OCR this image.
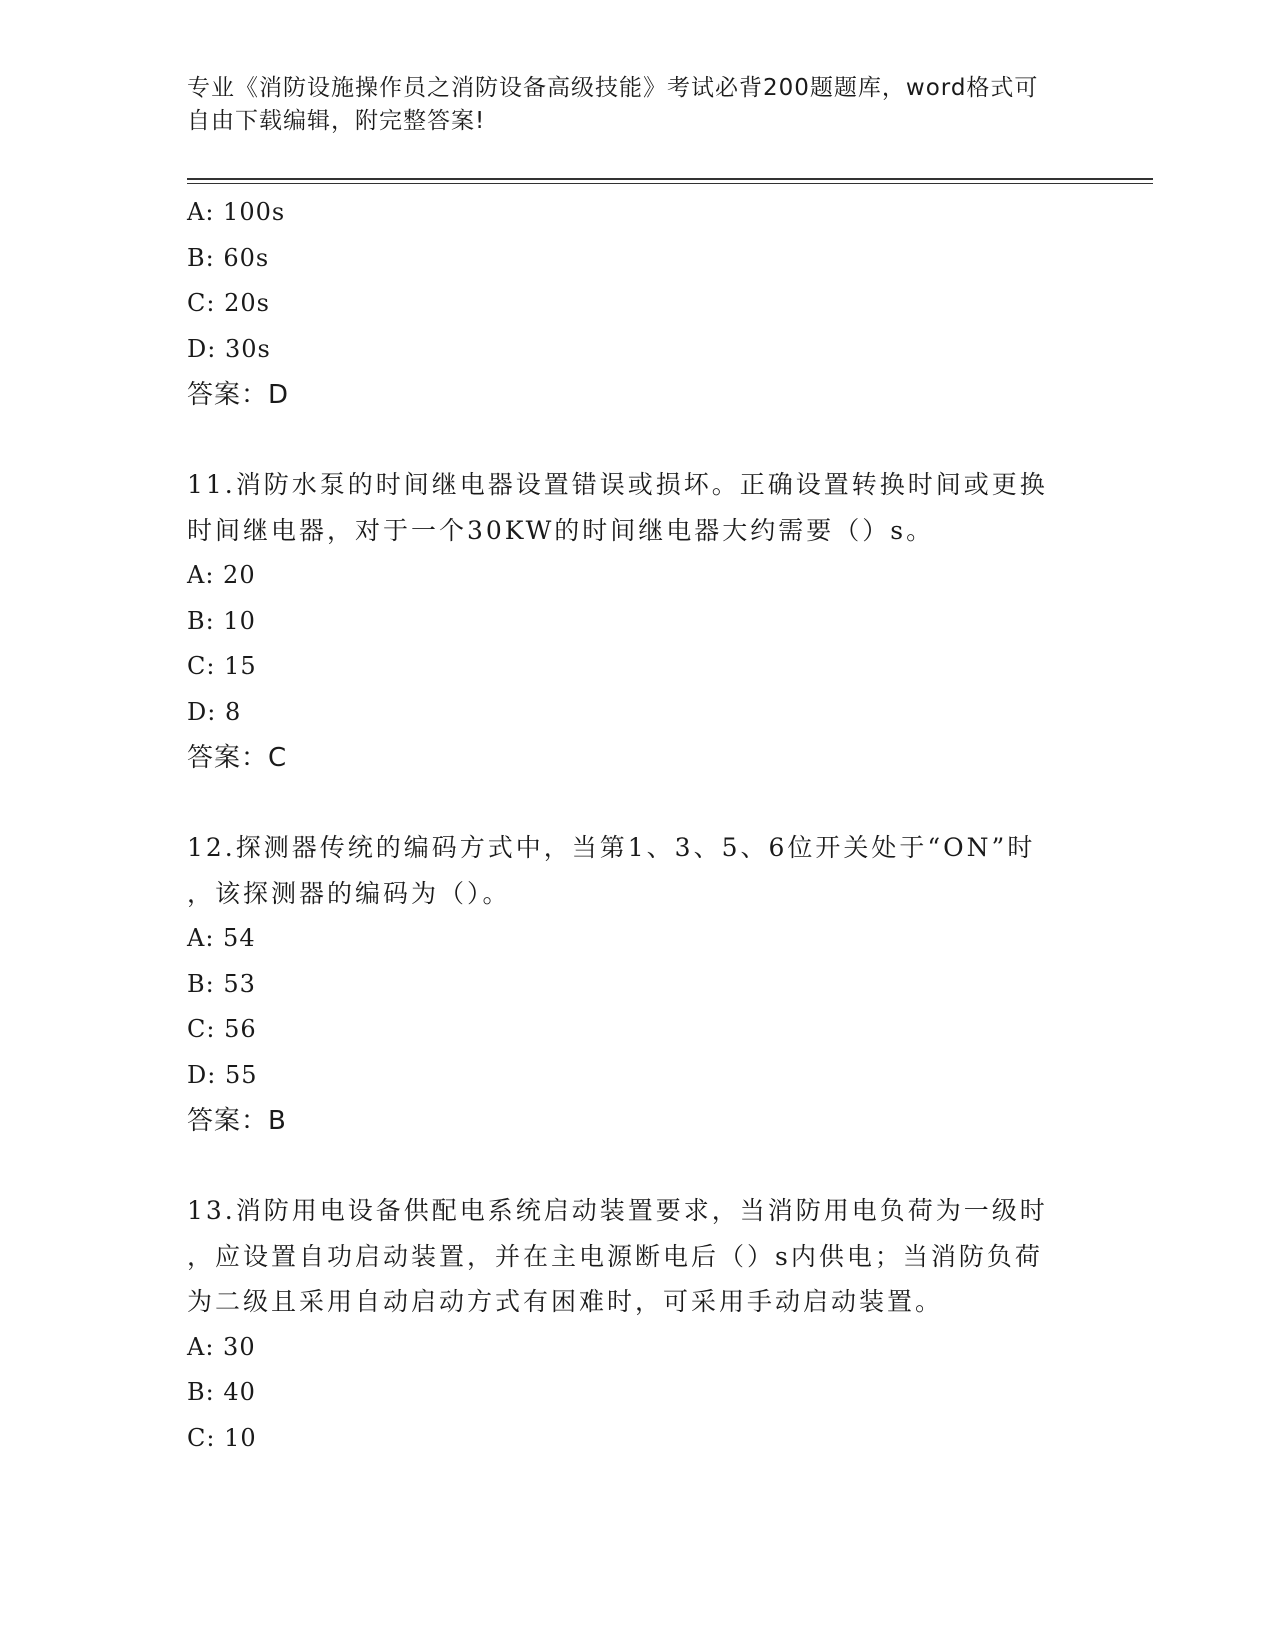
专业《消防设施操作员之消防设备高级技能》考试必背200题题库，word格式可
自由下载编辑，附完整答案!
A: 100s
B: 60s
C: 20s
D: 30s
答案：D
11.消防水泵的时间继电器设置错误或损坏。正确设置转换时间或更换
时间继电器，对于一个30KW的时间继电器大约需要（）s。
A: 20
B: 10
C: 15
D: 8
答案：C
12.探测器传统的编码方式中，当第1、3、5、6位开关处于“ON”时
，该探测器的编码为（）。
A: 54
B: 53
C: 56
D: 55
答案：B
13.消防用电设备供配电系统启动装置要求，当消防用电负荷为一级时
，应设置自功启动装置，并在主电源断电后（）s内供电；当消防负荷
为二级且采用自动启动方式有困难时，可采用手动启动装置。
A: 30
B: 40
C: 10
